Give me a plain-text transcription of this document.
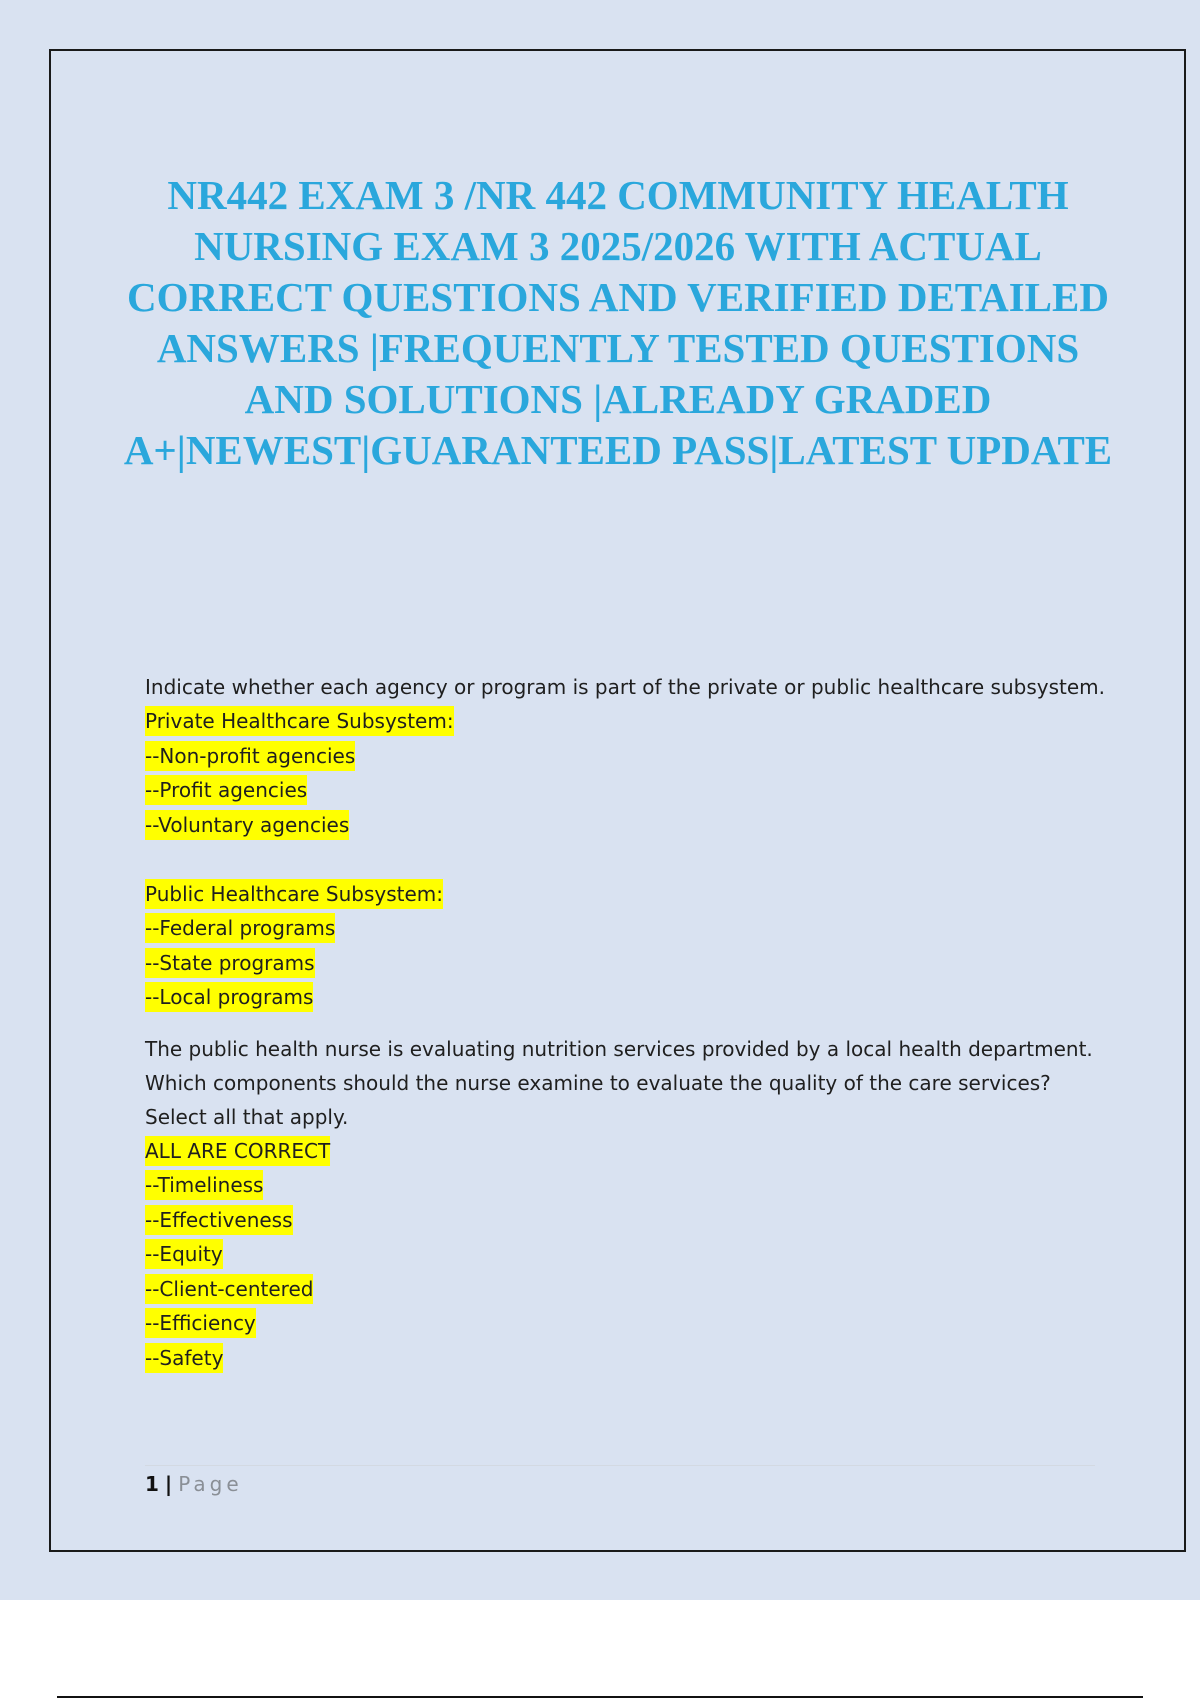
NR442 EXAM 3 /NR 442 COMMUNITY HEALTH NURSING EXAM 3 2025/2026 WITH ACTUAL CORRECT QUESTIONS AND VERIFIED DETAILED ANSWERS |FREQUENTLY TESTED QUESTIONS AND SOLUTIONS |ALREADY GRADED A+|NEWEST|GUARANTEED PASS|LATEST UPDATE

Indicate whether each agency or program is part of the private or public healthcare subsystem.

Private Healthcare Subsystem:
--Non-profit agencies
--Profit agencies
--Voluntary agencies
Public Healthcare Subsystem:
--Federal programs
--State programs
--Local programs

The public health nurse is evaluating nutrition services provided by a local health department. Which components should the nurse examine to evaluate the quality of the care services? Select all that apply.

ALL ARE CORRECT
--Timeliness
--Effectiveness
--Equity
--Client-centered
--Efficiency
--Safety
1 | Page
